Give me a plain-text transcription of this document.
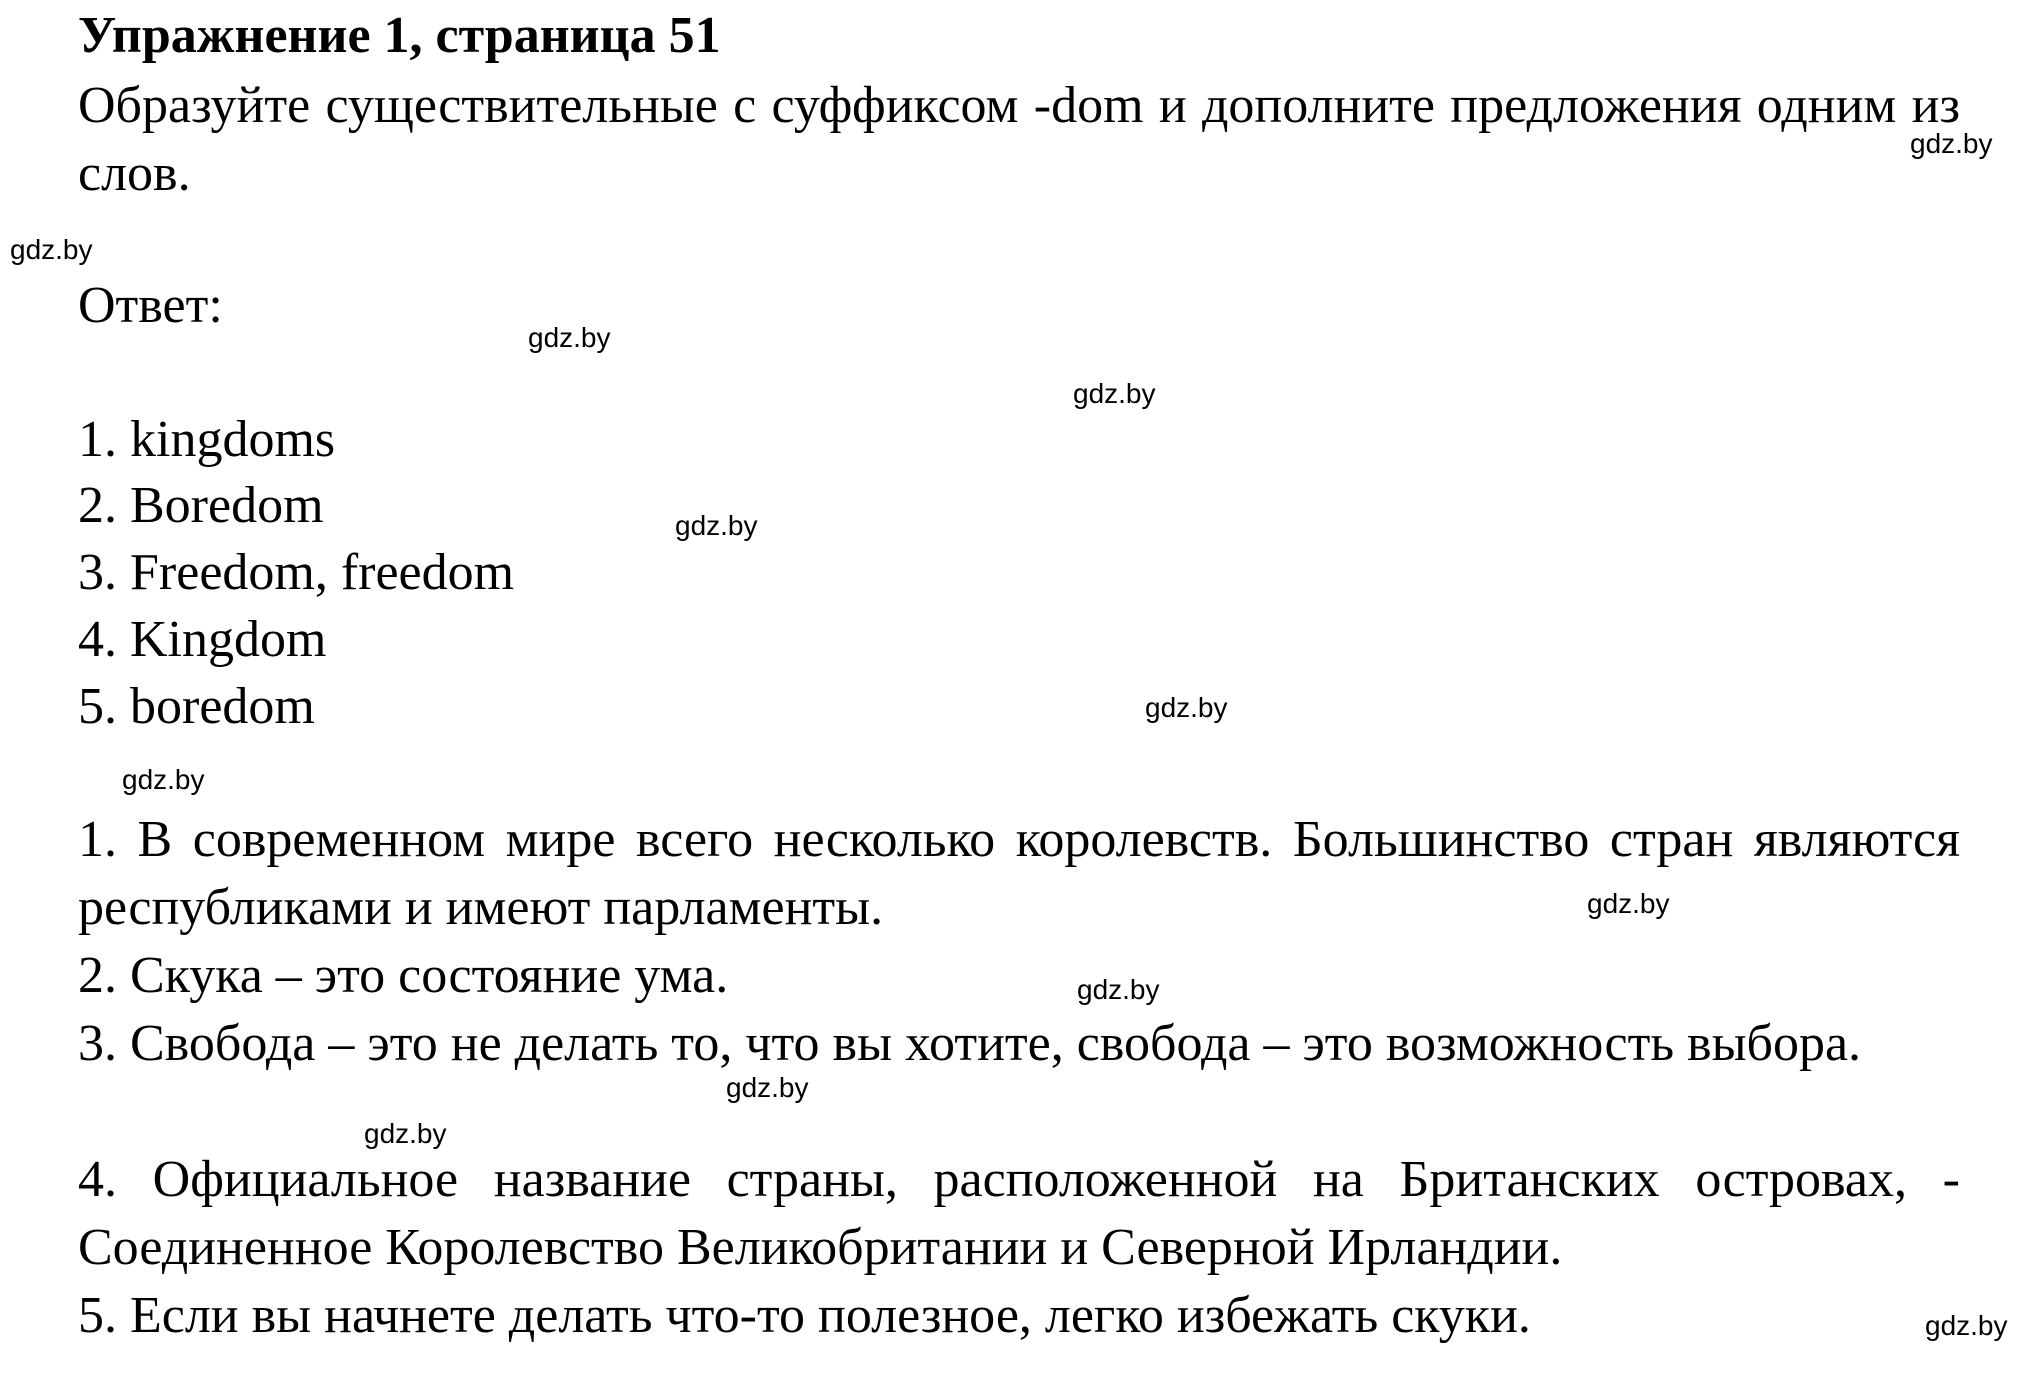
Упражнение 1, страница 51
Образуйте существительные с суффиксом -dom и дополните предложения одним из слов.
Ответ:
1. kingdoms
2. Boredom
3. Freedom, freedom
4. Kingdom
5. boredom
1. В современном мире всего несколько королевств. Большинство стран являются республиками и имеют парламенты.
2. Скука – это состояние ума.
3. Свобода – это не делать то, что вы хотите, свобода – это возможность выбора.
4. Официальное название страны, расположенной на Британских островах, - Соединенное Королевство Великобритании и Северной Ирландии.
5. Если вы начнете делать что-то полезное, легко избежать скуки.
gdz.by
gdz.by
gdz.by
gdz.by
gdz.by
gdz.by
gdz.by
gdz.by
gdz.by
gdz.by
gdz.by
gdz.by
